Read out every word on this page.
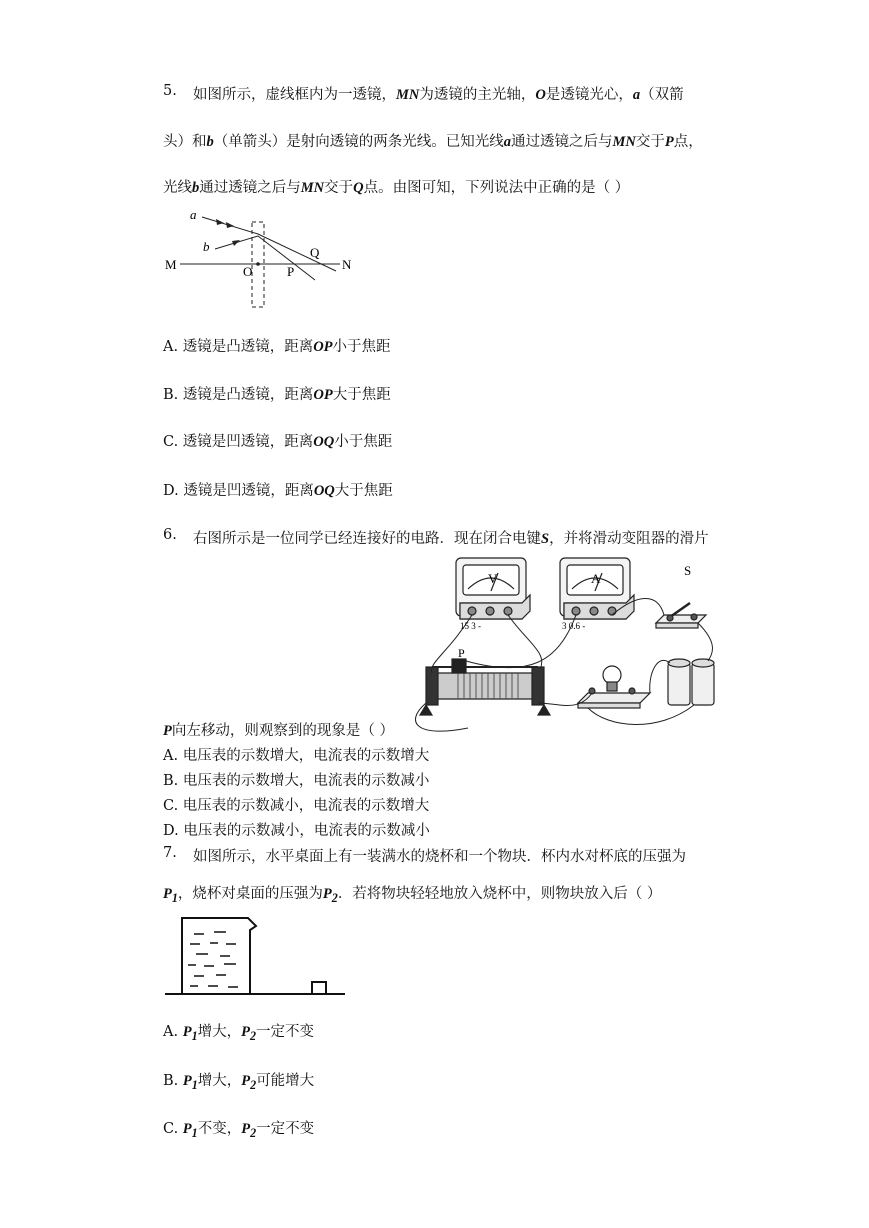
5. 如图所示，虚线框内为一透镜，MN为透镜的主光轴，O是透镜光心，a（双箭
头）和b（单箭头）是射向透镜的两条光线。已知光线a通过透镜之后与MN交于P点，
光线b通过透镜之后与MN交于Q点。由图可知，下列说法中正确的是（ ）
a
b
M	O	P
Q
N
A. 透镜是凸透镜，距离OP小于焦距
B. 透镜是凸透镜，距离OP大于焦距
C. 透镜是凹透镜，距离OQ小于焦距
D. 透镜是凹透镜，距离OQ大于焦距
6. 右图所示是一位同学已经连接好的电路．现在闭合电键S，并将滑动变阻器的滑片
V	A
15 3 -	3 0.6 -
S
P
P向左移动，则观察到的现象是（ ）
A. 电压表的示数增大，电流表的示数增大
B. 电压表的示数增大，电流表的示数减小
C. 电压表的示数减小，电流表的示数增大
D. 电压表的示数减小，电流表的示数减小
7. 如图所示，水平桌面上有一装满水的烧杯和一个物块．杯内水对杯底的压强为
$P_1$，烧杯对桌面的压强为$P_2$．若将物块轻轻地放入烧杯中，则物块放入后（ ）
A. $P_1$增大，$P_2$一定不变
B. $P_1$增大，$P_2$可能增大
C. $P_1$不变，$P_2$一定不变
